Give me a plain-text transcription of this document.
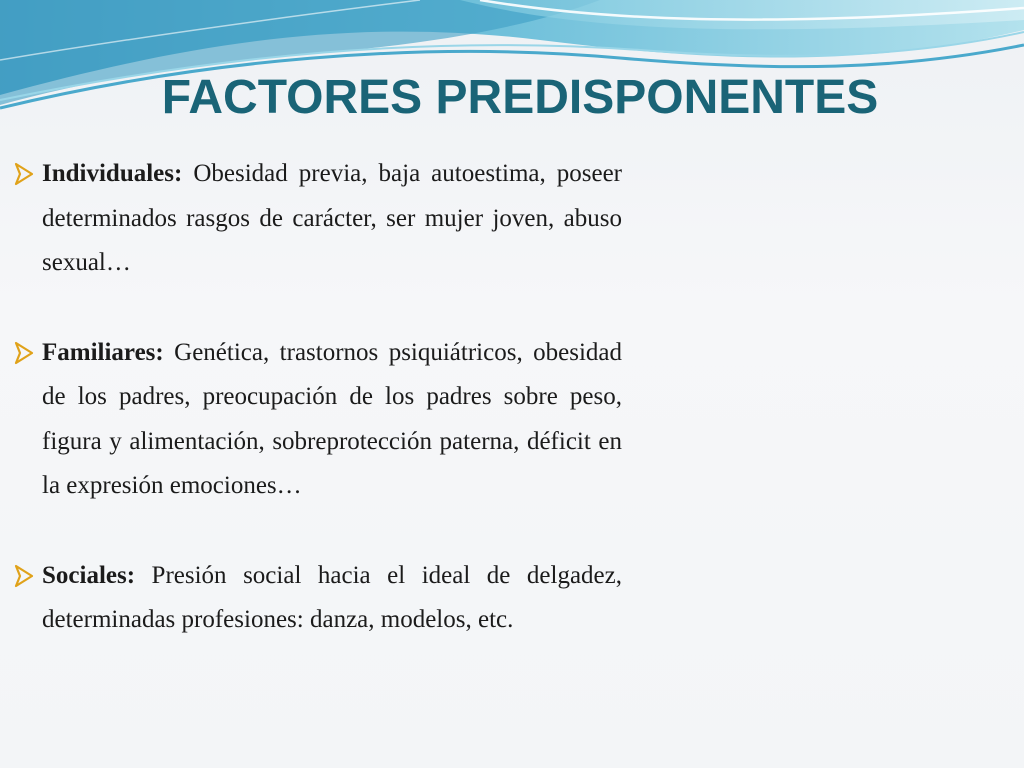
FACTORES PREDISPONENTES
Individuales: Obesidad previa, baja autoestima, poseer determinados rasgos de carácter, ser mujer joven, abuso sexual…
Familiares: Genética, trastornos psiquiátricos, obesidad de los padres, preocupación de los padres sobre peso, figura y alimentación, sobreprotección paterna, déficit en la expresión emociones…
Sociales: Presión social hacia el ideal de delgadez, determinadas profesiones: danza, modelos, etc.
